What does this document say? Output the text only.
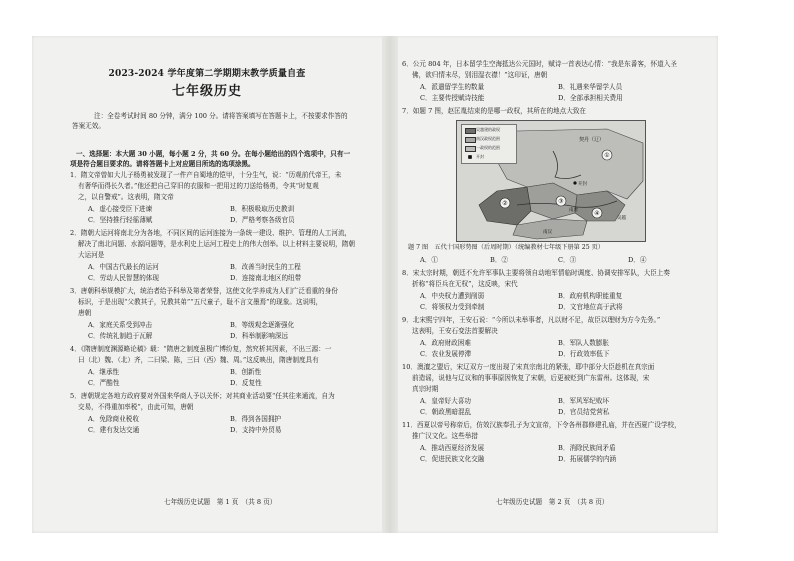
2023-2024 学年度第二学期期末教学质量自查
七年级历史
注：全卷考试时间 80 分钟，满分 100 分。请将答案填写在答题卡上，不按要求作答的
答案无效。
一、选择题：本大题 30 小题，每小题 2 分，共 60 分。在每小题给出的四个选项中，只有一
项是符合题目要求的。请将答题卡上对应题目所选的选项涂黑。
1．隋文帝曾如大儿子杨勇被发现了一件产自蜀地的铠甲，十分生气，说：“历观前代帝王，未
有奢华而得长久者。”他还把自己穿旧的衣服和一把用过的刀送给杨勇，令其“时复观
之，以自警戒”。这表明，隋文帝
A．虚心接受臣下进谏	B．积极吸取历史教训
C．坚持推行轻徭薄赋	D．严格考察各级官员
2．隋朝大运河将南北分为各地，不同区间的运河连接为一条统一建设、维护、管理的人工河流，
解决了南北问题、水源问题等，是水利史上运河工程史上的伟大创举。以上材料主要说明，隋朝
大运河是
A．中国古代最长的运河	B．改善当时民生的工程
C．劳动人民智慧的体现	D．连接南北地区的纽带
3．唐朝科举规模扩大，统治者给予科举及第者荣誉，这使文化学养成为人们广泛看重的身份
标识，于是出现“父教其子，兄教其弟”“五尺童子，耻不言文墨焉”的现象。这说明，
唐朝
A．家庭关系受到冲击	B．等级观念逐渐强化
C．传统礼制趋于瓦解	D．科举制影响深远
4．《隋唐制度渊源略论稿》载：“隋唐之制度虽极广博纷复，然究析其因素，不出三源：一
曰（北）魏、（北）齐，二曰梁、陈，三曰（西）魏、周。”这反映出，隋唐制度具有
A．继承性	B．创新性
C．严酷性	D．反复性
5．唐朝规定各地方政府要对外国来华商人予以关怀；对其商业活动要“任其往来通流，自为
交易，不得重加率税”，由此可知，唐朝
A．免除商业税收	B．得到各国拥护
C．建有发达交通	D．支持中外贸易
七年级历史试题　第 1 页　（共 8 页）
6．公元 804 年，日本留学生空海抵达公元国时，赋诗一首表达心情：“我是东番客，怀道入圣
佛，欲归情未尽，别泪湿衣襟！”这印证，唐朝
A．派遣留学生的数量	B．礼遇来华留学人员
C．主要传授赋诗技能	D．全部承担相关费用
7．如题 7 图，赵匡胤结束的是哪一政权，其所在的地点大致在
①
②	③
④
契丹（辽）
开封
南唐
吴越
南汉
吴越建的政权
南汉政权范围
一政权的范围
开封
题 7 图　五代十国形势图（后周时期）（统编教材七年级下册第 25 页）
A．①	B．②	C．③	D．④
8．宋太宗时期，朝廷不允许军事队主要将领自动地军情临时调度、协调安排军队，大臣上奏
折称“将臣兵在无权”，这反映，宋代
A．中央权力遭到削弱	B．政府机构职能重复
C．将领权力受到牵制	D．文官地位高于武将
9．北宋熙宁四年，王安石说：“今所以未举事者，凡以财不足，故臣以理财为方今先务。”
这表明，王安石变法首要解决
A．政府财政困难	B．军队人数膨胀
C．农业发展停滞	D．行政效率低下
10．澳澶之盟后，宋辽双方一度出现了宋真宗南北的紧张，耶中部分大臣趁机在真宗面
前造谣，说他与辽议和的事事原因恢复了宋朝，后更被贬到广东雷州。这体现，宋
真宗时期
A．皇帝好大喜功	B．军风军纪败坏
C．朝政黑暗混乱	D．官员结党营私
11．西夏以帝号称帝后，仿效汉族奉孔子为文宣帝，下令各州郡修建孔庙，并在西夏广设学校，
推广汉文化。这些举措
A．推动西夏经济发展	B．消除民族间矛盾
C．促进民族文化交融	D．拓展儒学的内涵
七年级历史试题　第 2 页　（共 8 页）
